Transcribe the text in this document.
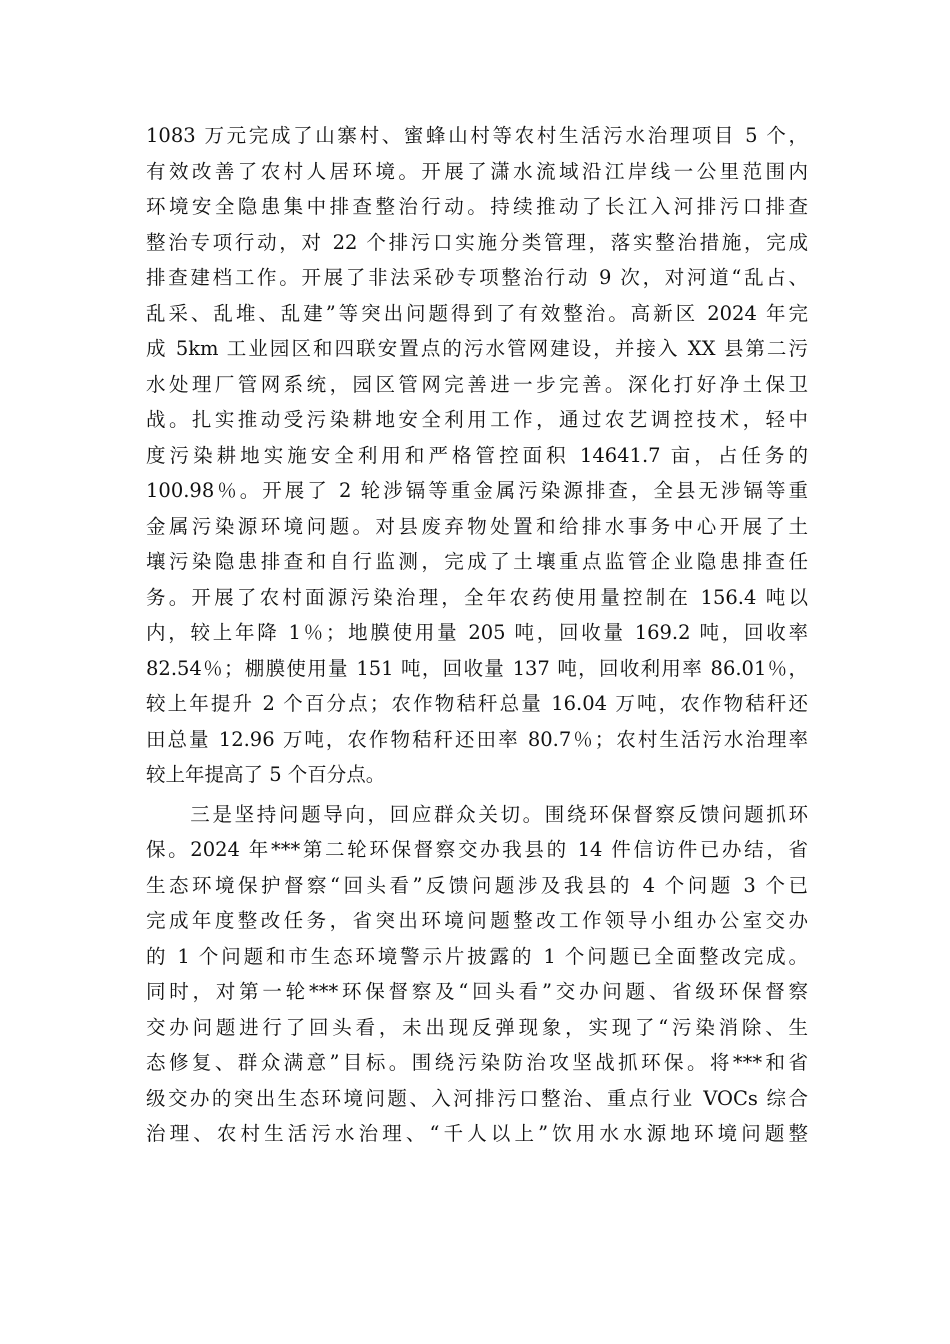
1083 万元完成了山寨村、蜜蜂山村等农村生活污水治理项目 5 个，
有效改善了农村人居环境。开展了潇水流域沿江岸线一公里范围内
环境安全隐患集中排查整治行动。持续推动了长江入河排污口排查
整治专项行动，对 22 个排污口实施分类管理，落实整治措施，完成
排查建档工作。开展了非法采砂专项整治行动 9 次，对河道“乱占、
乱采、乱堆、乱建”等突出问题得到了有效整治。高新区 2024 年完
成 5km 工业园区和四联安置点的污水管网建设，并接入 XX 县第二污
水处理厂管网系统，园区管网完善进一步完善。深化打好净土保卫
战。扎实推动受污染耕地安全利用工作，通过农艺调控技术，轻中
度污染耕地实施安全利用和严格管控面积 14641.7 亩，占任务的
100.98％。开展了 2 轮涉镉等重金属污染源排查，全县无涉镉等重
金属污染源环境问题。对县废弃物处置和给排水事务中心开展了土
壤污染隐患排查和自行监测，完成了土壤重点监管企业隐患排查任
务。开展了农村面源污染治理，全年农药使用量控制在 156.4 吨以
内，较上年降 1％；地膜使用量 205 吨，回收量 169.2 吨，回收率
82.54％；棚膜使用量 151 吨，回收量 137 吨，回收利用率 86.01％，
较上年提升 2 个百分点；农作物秸秆总量 16.04 万吨，农作物秸秆还
田总量 12.96 万吨，农作物秸秆还田率 80.7％；农村生活污水治理率
较上年提高了 5 个百分点。
　　三是坚持问题导向，回应群众关切。围绕环保督察反馈问题抓环
保。2024 年***第二轮环保督察交办我县的 14 件信访件已办结，省
生态环境保护督察“回头看”反馈问题涉及我县的 4 个问题 3 个已
完成年度整改任务，省突出环境问题整改工作领导小组办公室交办
的 1 个问题和市生态环境警示片披露的 1 个问题已全面整改完成。
同时，对第一轮***环保督察及“回头看”交办问题、省级环保督察
交办问题进行了回头看，未出现反弹现象，实现了“污染消除、生
态修复、群众满意”目标。围绕污染防治攻坚战抓环保。将***和省
级交办的突出生态环境问题、入河排污口整治、重点行业 VOCs 综合
治理、农村生活污水治理、“千人以上”饮用水水源地环境问题整
